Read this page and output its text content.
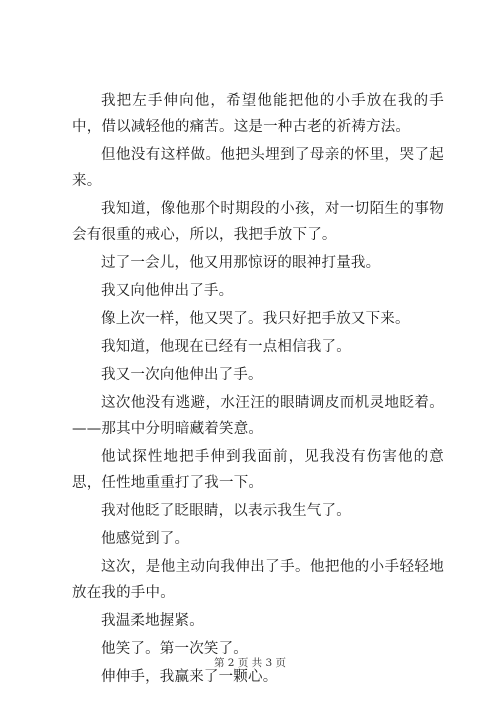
我把左手伸向他，希望他能把他的小手放在我的手中，借以减轻他的痛苦。这是一种古老的祈祷方法。

但他没有这样做。他把头埋到了母亲的怀里，哭了起来。

我知道，像他那个时期段的小孩，对一切陌生的事物会有很重的戒心，所以，我把手放下了。

过了一会儿，他又用那惊讶的眼神打量我。

我又向他伸出了手。

像上次一样，他又哭了。我只好把手放又下来。

我知道，他现在已经有一点相信我了。

我又一次向他伸出了手。

这次他没有逃避，水汪汪的眼睛调皮而机灵地眨着。——那其中分明暗藏着笑意。

他试探性地把手伸到我面前，见我没有伤害他的意思，任性地重重打了我一下。

我对他眨了眨眼睛，以表示我生气了。

他感觉到了。

这次，是他主动向我伸出了手。他把他的小手轻轻地放在我的手中。

我温柔地握紧。

他笑了。第一次笑了。

伸伸手，我赢来了一颗心。

第 2 页 共 3 页
